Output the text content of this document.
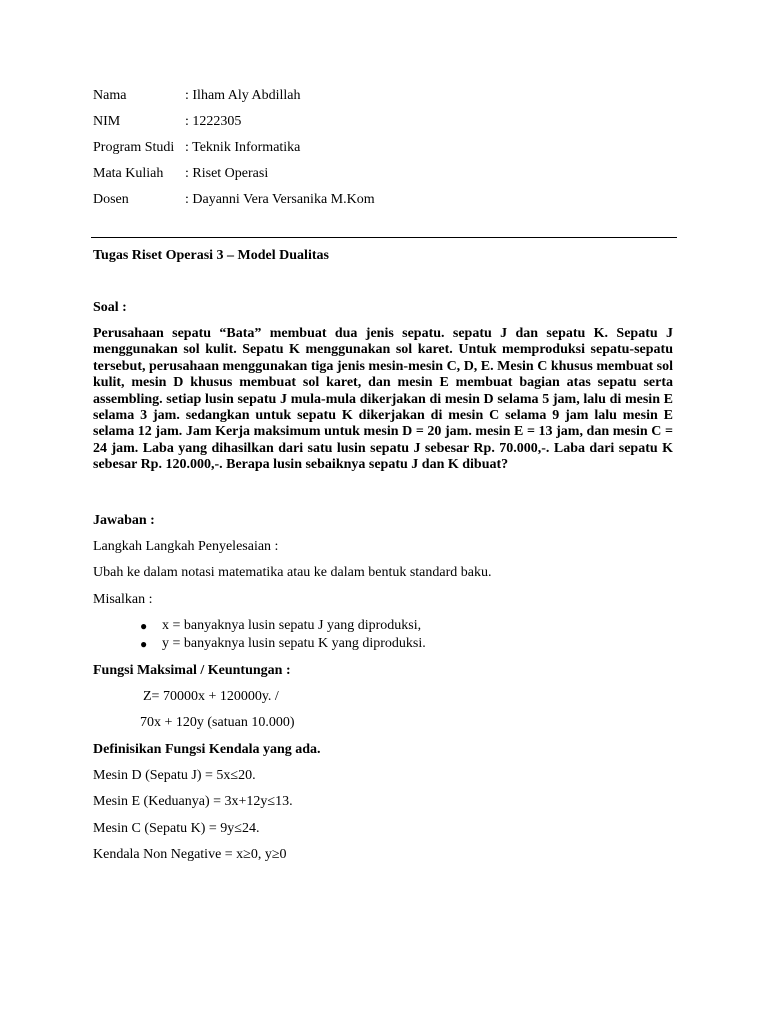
Nama	: Ilham Aly Abdillah
NIM	: 1222305
Program Studi : Teknik Informatika
Mata Kuliah : Riset Operasi
Dosen	: Dayanni Vera Versanika M.Kom
Tugas Riset Operasi 3 – Model Dualitas
Soal :
Perusahaan sepatu “Bata” membuat dua jenis sepatu. sepatu J dan sepatu K. Sepatu J menggunakan sol kulit. Sepatu K menggunakan sol karet. Untuk memproduksi sepatu-sepatu tersebut, perusahaan menggunakan tiga jenis mesin-mesin C, D, E. Mesin C khusus membuat sol kulit, mesin D khusus membuat sol karet, dan mesin E membuat bagian atas sepatu serta assembling. setiap lusin sepatu J mula-mula dikerjakan di mesin D selama 5 jam, lalu di mesin E selama 3 jam. sedangkan untuk sepatu K dikerjakan di mesin C selama 9 jam lalu mesin E selama 12 jam. Jam Kerja maksimum untuk mesin D = 20 jam. mesin E = 13 jam, dan mesin C = 24 jam. Laba yang dihasilkan dari satu lusin sepatu J sebesar Rp. 70.000,-. Laba dari sepatu K sebesar Rp. 120.000,-. Berapa lusin sebaiknya sepatu J dan K dibuat?
Jawaban :
Langkah Langkah Penyelesaian :
Ubah ke dalam notasi matematika atau ke dalam bentuk standard baku.
Misalkan :
● x = banyaknya lusin sepatu J yang diproduksi,
● y = banyaknya lusin sepatu K yang diproduksi.
Fungsi Maksimal / Keuntungan :
Z= 70000x + 120000y. /
70x + 120y (satuan 10.000)
Definisikan Fungsi Kendala yang ada.
Mesin D (Sepatu J) = 5x≤20.
Mesin E (Keduanya) = 3x+12y≤13.
Mesin C (Sepatu K) = 9y≤24.
Kendala Non Negative = x≥0, y≥0
